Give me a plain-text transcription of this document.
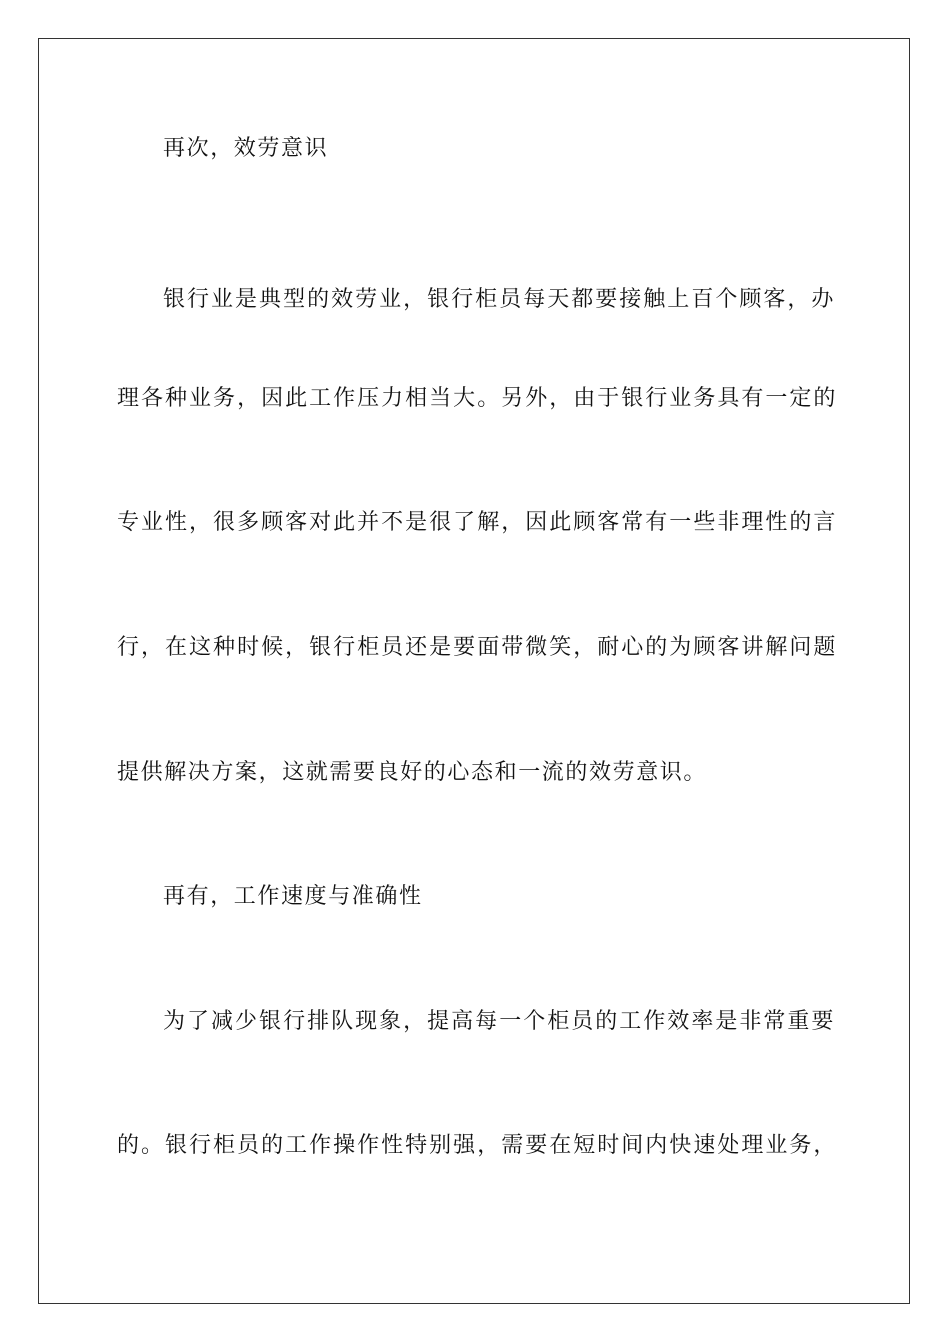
再次，效劳意识
银行业是典型的效劳业，银行柜员每天都要接触上百个顾客，办
理各种业务，因此工作压力相当大。另外，由于银行业务具有一定的
专业性，很多顾客对此并不是很了解，因此顾客常有一些非理性的言
行，在这种时候，银行柜员还是要面带微笑，耐心的为顾客讲解问题
提供解决方案，这就需要良好的心态和一流的效劳意识。
再有，工作速度与准确性
为了减少银行排队现象，提高每一个柜员的工作效率是非常重要
的。银行柜员的工作操作性特别强，需要在短时间内快速处理业务，
